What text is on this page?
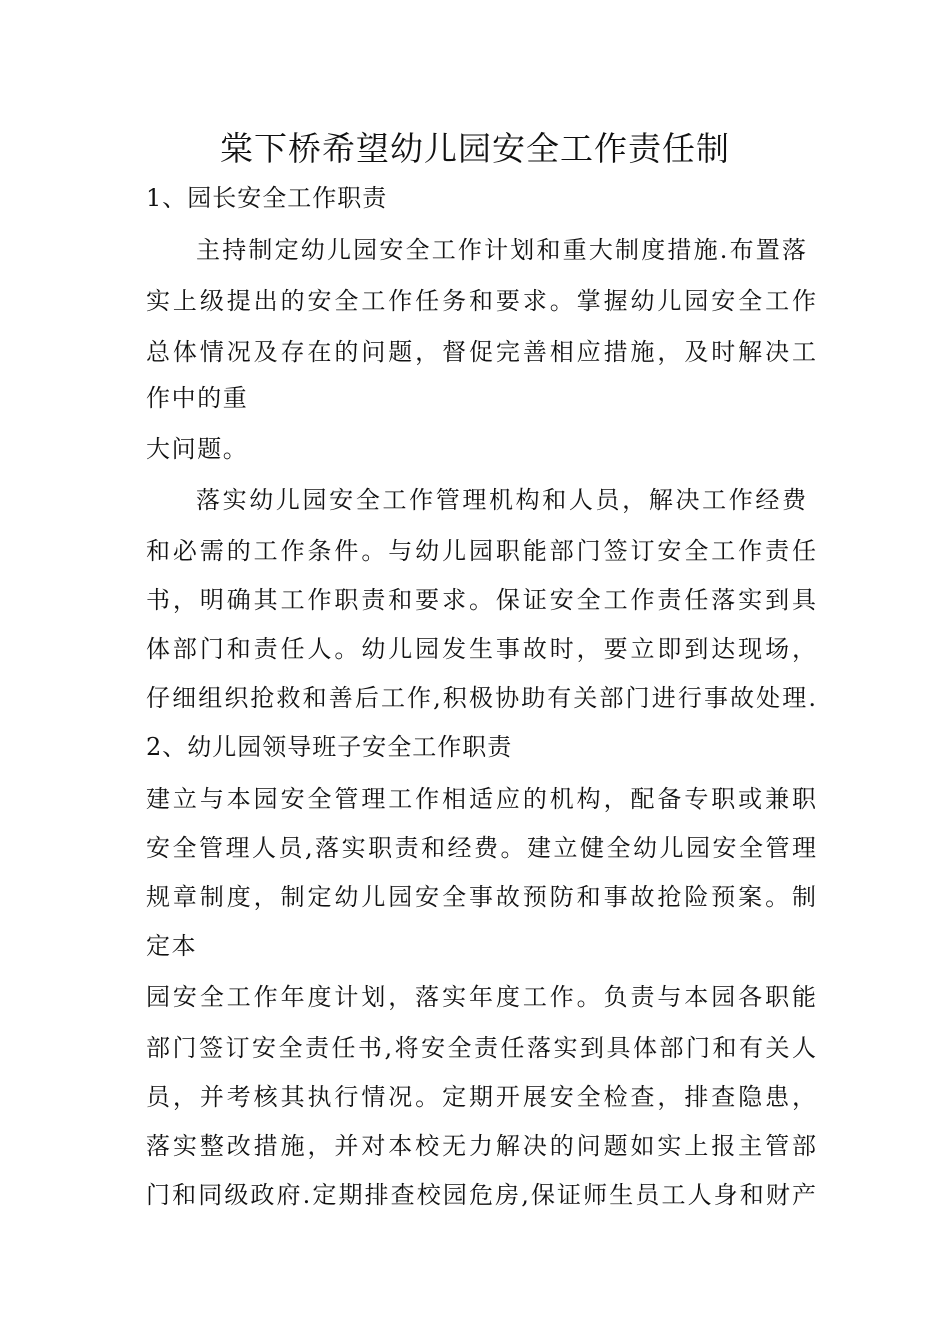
棠下桥希望幼儿园安全工作责任制

1、园长安全工作职责

主持制定幼儿园安全工作计划和重大制度措施.布置落

实上级提出的安全工作任务和要求。掌握幼儿园安全工作

总体情况及存在的问题，督促完善相应措施，及时解决工

作中的重

大问题。

落实幼儿园安全工作管理机构和人员，解决工作经费

和必需的工作条件。与幼儿园职能部门签订安全工作责任

书，明确其工作职责和要求。保证安全工作责任落实到具

体部门和责任人。幼儿园发生事故时，要立即到达现场，

仔细组织抢救和善后工作,积极协助有关部门进行事故处理.

2、幼儿园领导班子安全工作职责

建立与本园安全管理工作相适应的机构，配备专职或兼职

安全管理人员,落实职责和经费。建立健全幼儿园安全管理

规章制度，制定幼儿园安全事故预防和事故抢险预案。制

定本

园安全工作年度计划，落实年度工作。负责与本园各职能

部门签订安全责任书,将安全责任落实到具体部门和有关人

员，并考核其执行情况。定期开展安全检查，排查隐患，

落实整改措施，并对本校无力解决的问题如实上报主管部

门和同级政府.定期排查校园危房,保证师生员工人身和财产
